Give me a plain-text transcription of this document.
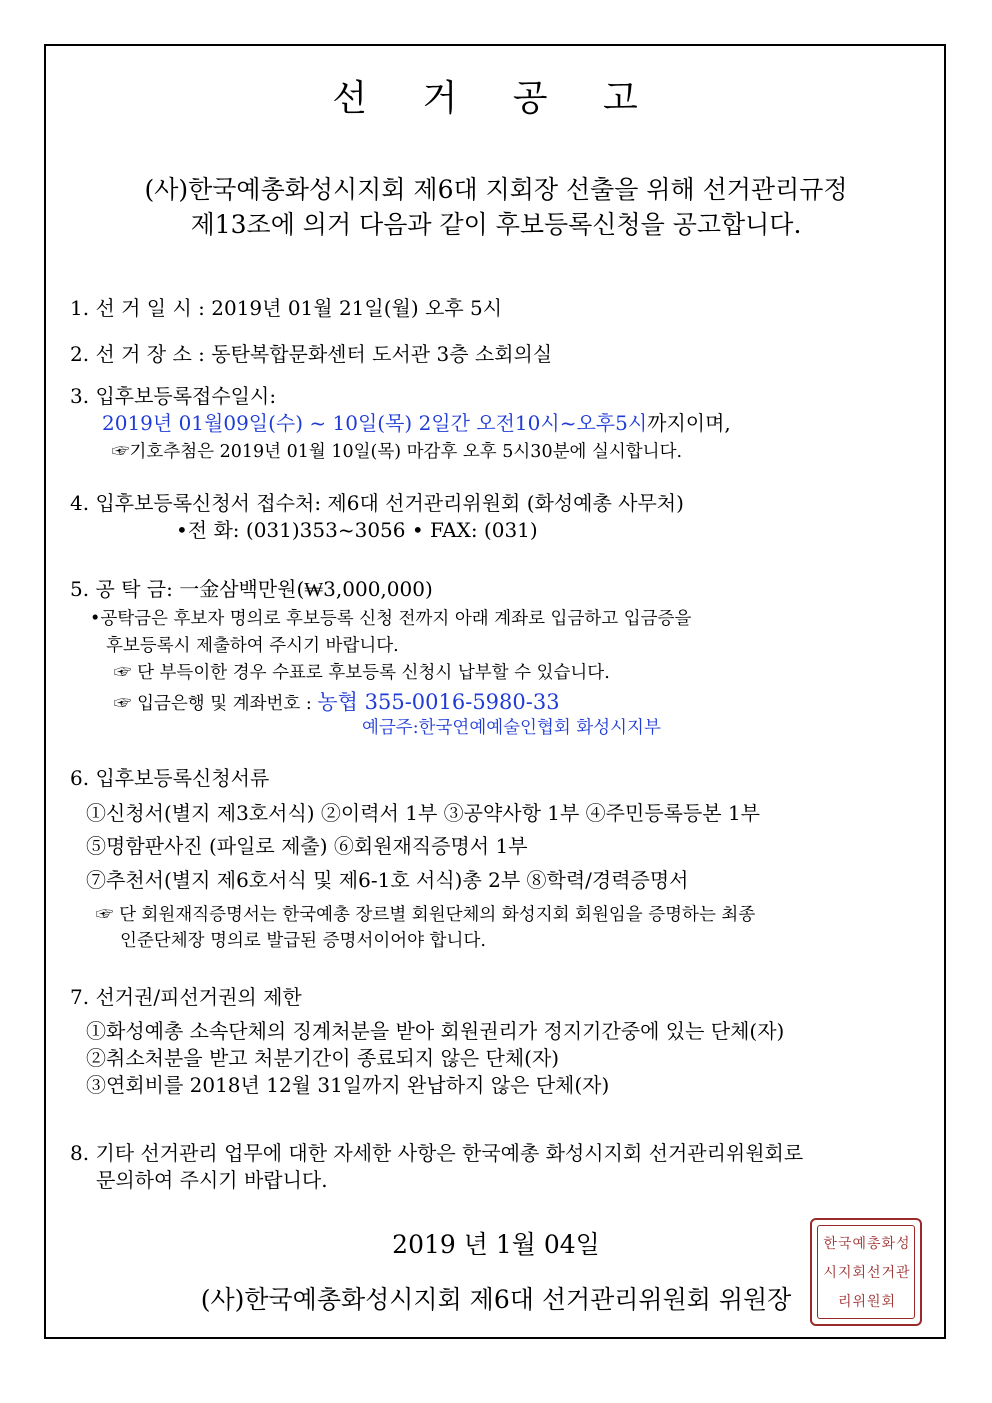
선 거 공 고
(사)한국예총화성시지회 제6대 지회장 선출을 위해 선거관리규정
제13조에 의거 다음과 같이 후보등록신청을 공고합니다.
1. 선 거 일 시 : 2019년 01월 21일(월) 오후 5시
2. 선 거 장 소 : 동탄복합문화센터 도서관 3층 소회의실
3. 입후보등록접수일시:
2019년 01월09일(수) ~ 10일(목) 2일간 오전10시~오후5시까지이며,
☞기호추첨은 2019년 01월 10일(목) 마감후 오후 5시30분에 실시합니다.
4. 입후보등록신청서 접수처: 제6대 선거관리위원회 (화성예총 사무처)
•전 화: (031)353~3056 • FAX: (031)
5. 공 탁 금: 一金삼백만원(₩3,000,000)
•공탁금은 후보자 명의로 후보등록 신청 전까지 아래 계좌로 입금하고 입금증을
후보등록시 제출하여 주시기 바랍니다.
☞ 단 부득이한 경우 수표로 후보등록 신청시 납부할 수 있습니다.
☞ 입금은행 및 계좌번호 : 농협 355-0016-5980-33
예금주:한국연예예술인협회 화성시지부
6. 입후보등록신청서류
①신청서(별지 제3호서식) ②이력서 1부 ③공약사항 1부 ④주민등록등본 1부
⑤명함판사진 (파일로 제출) ⑥회원재직증명서 1부
⑦추천서(별지 제6호서식 및 제6-1호 서식)총 2부 ⑧학력/경력증명서
☞ 단 회원재직증명서는 한국예총 장르별 회원단체의 화성지회 회원임을 증명하는 최종
인준단체장 명의로 발급된 증명서이어야 합니다.
7. 선거권/피선거권의 제한
①화성예총 소속단체의 징계처분을 받아 회원권리가 정지기간중에 있는 단체(자)
②취소처분을 받고 처분기간이 종료되지 않은 단체(자)
③연회비를 2018년 12월 31일까지 완납하지 않은 단체(자)
8. 기타 선거관리 업무에 대한 자세한 사항은 한국예총 화성시지회 선거관리위원회로
문의하여 주시기 바랍니다.
2019 년 1월 04일
(사)한국예총화성시지회 제6대 선거관리위원회 위원장
한국예총화성시지회선거관리위원회
